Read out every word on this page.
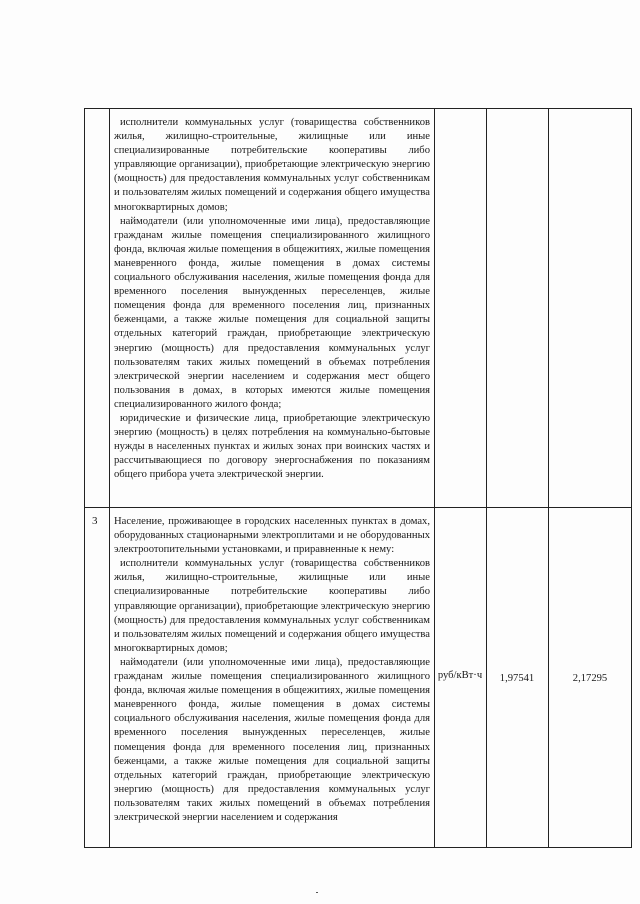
исполнители коммунальных услуг (товарищества собственников жилья, жилищно-строительные, жилищные или иные специализированные потребительские кооперативы либо управляющие организации), приобретающие электрическую энергию (мощность) для предоставления коммунальных услуг собственникам и пользователям жилых помещений и содержания общего имущества многоквартирных домов;

наймодатели (или уполномоченные ими лица), предоставляющие гражданам жилые помещения специализированного жилищного фонда, включая жилые помещения в общежитиях, жилые помещения маневренного фонда, жилые помещения в домах системы социального обслуживания населения, жилые помещения фонда для временного поселения вынужденных переселенцев, жилые помещения фонда для временного поселения лиц, признанных беженцами, а также жилые помещения для социальной защиты отдельных категорий граждан, приобретающие электрическую энергию (мощность) для предоставления коммунальных услуг пользователям таких жилых помещений в объемах потребления электрической энергии населением и содержания мест общего пользования в домах, в которых имеются жилые помещения специализированного жилого фонда;

юридические и физические лица, приобретающие электрическую энергию (мощность) в целях потребления на коммунально-бытовые нужды в населенных пунктах и жилых зонах при воинских частях и рассчитывающиеся по договору энергоснабжения по показаниям общего прибора учета электрической энергии.

3 Население, проживающее в городских населенных пунктах в домах, оборудованных стационарными электроплитами и не оборудованных электроотопительными установками, и приравненные к нему:

исполнители коммунальных услуг (товарищества собственников жилья, жилищно-строительные, жилищные или иные специализированные потребительские кооперативы либо управляющие организации), приобретающие электрическую энергию (мощность) для предоставления коммунальных услуг собственникам и пользователям жилых помещений и содержания общего имущества многоквартирных домов;

наймодатели (или уполномоченные ими лица), предоставляющие гражданам жилые помещения специализированного жилищного фонда, включая жилые помещения в общежитиях, жилые помещения маневренного фонда, жилые помещения в домах системы социального обслуживания населения, жилые помещения фонда для временного поселения вынужденных переселенцев, жилые помещения фонда для временного поселения лиц, признанных беженцами, а также жилые помещения для социальной защиты отдельных категорий граждан, приобретающие электрическую энергию (мощность) для предоставления коммунальных услуг пользователям таких жилых помещений в объемах потребления электрической энергии населением и содержания

руб/кВт·ч	1,97541	2,17295
